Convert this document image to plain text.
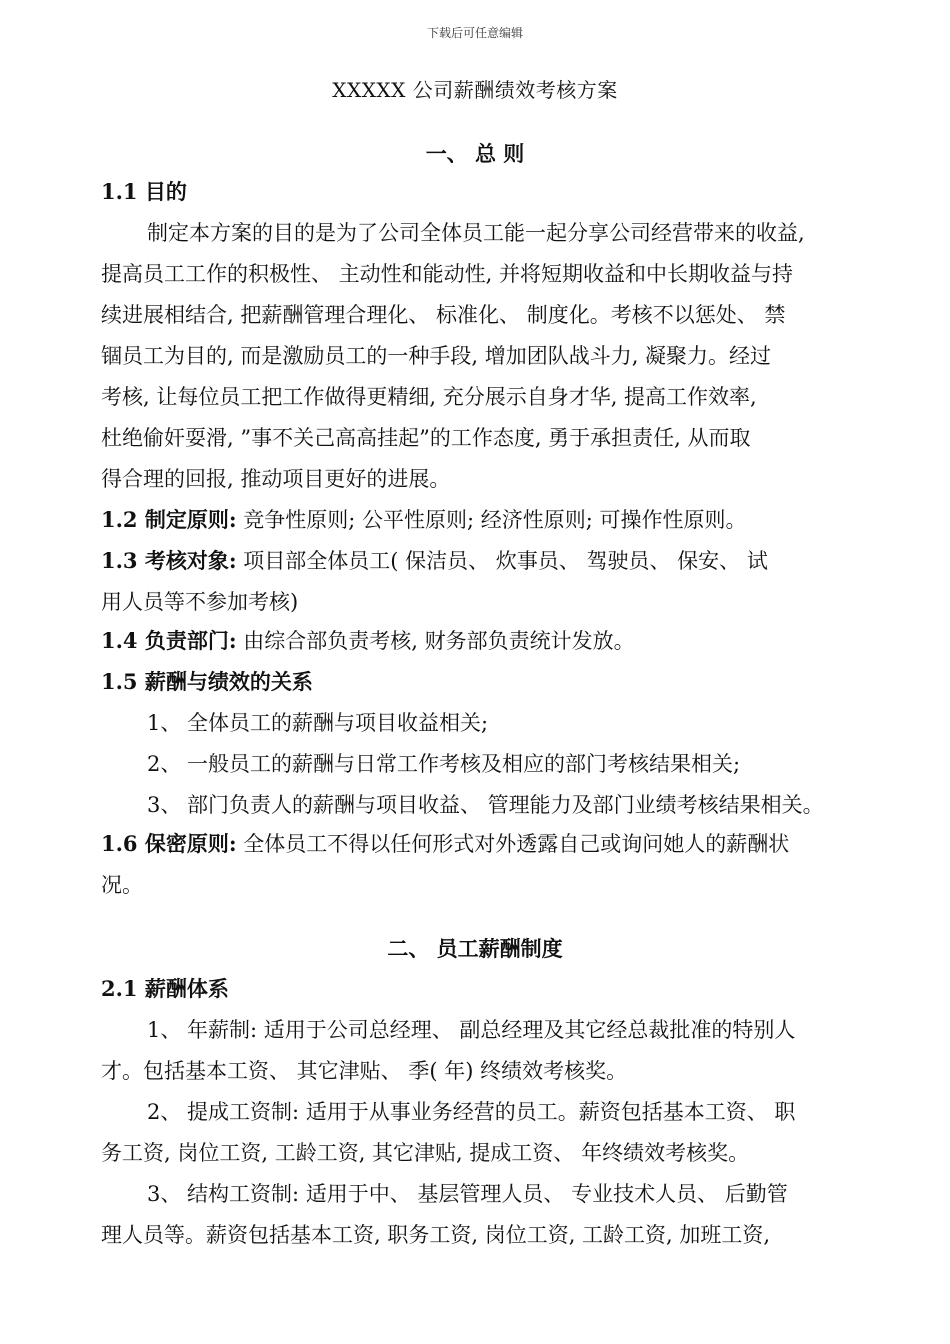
下载后可任意编辑
XXXXX 公司薪酬绩效考核方案
一、 总 则
1.1 目的
制定本方案的目的是为了公司全体员工能一起分享公司经营带来的收益,
提高员工工作的积极性、 主动性和能动性, 并将短期收益和中长期收益与持
续进展相结合, 把薪酬管理合理化、 标准化、 制度化。考核不以惩处、 禁
锢员工为目的, 而是激励员工的一种手段, 增加团队战斗力, 凝聚力。经过
考核, 让每位员工把工作做得更精细, 充分展示自身才华, 提高工作效率,
杜绝偷奸耍滑, ”事不关己高高挂起”的工作态度, 勇于承担责任, 从而取
得合理的回报, 推动项目更好的进展。
1.2 制定原则: 竞争性原则; 公平性原则; 经济性原则; 可操作性原则。
1.3 考核对象: 项目部全体员工( 保洁员、 炊事员、 驾驶员、 保安、 试
用人员等不参加考核)
1.4 负责部门: 由综合部负责考核, 财务部负责统计发放。
1.5 薪酬与绩效的关系
1、 全体员工的薪酬与项目收益相关;
2、 一般员工的薪酬与日常工作考核及相应的部门考核结果相关;
3、 部门负责人的薪酬与项目收益、 管理能力及部门业绩考核结果相关。
1.6 保密原则: 全体员工不得以任何形式对外透露自己或询问她人的薪酬状
况。
2.1 薪酬体系
1、 年薪制: 适用于公司总经理、 副总经理及其它经总裁批准的特别人
才。包括基本工资、 其它津贴、 季( 年) 终绩效考核奖。
2、 提成工资制: 适用于从事业务经营的员工。薪资包括基本工资、 职
务工资, 岗位工资, 工龄工资, 其它津贴, 提成工资、 年终绩效考核奖。
3、 结构工资制: 适用于中、 基层管理人员、 专业技术人员、 后勤管
理人员等。薪资包括基本工资, 职务工资, 岗位工资, 工龄工资, 加班工资,
二、 员工薪酬制度
